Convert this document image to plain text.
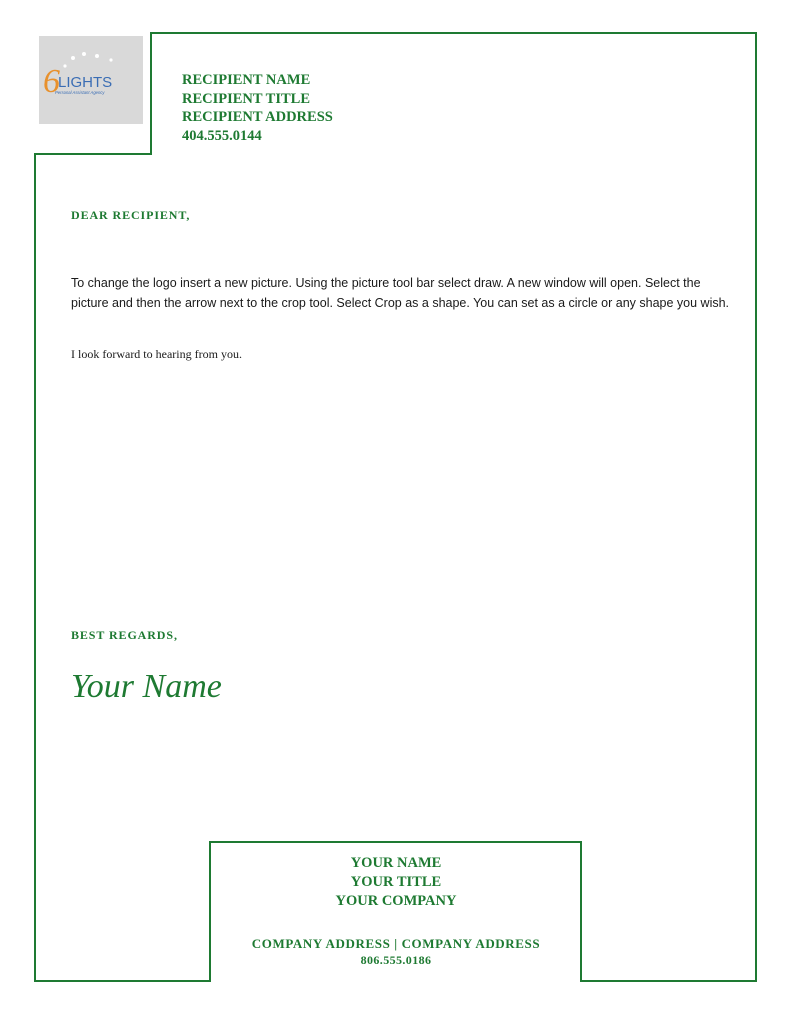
6
LIGHTS
Personal Assistant Agency
RECIPIENT NAME
RECIPIENT TITLE
RECIPIENT ADDRESS
404.555.0144
DEAR RECIPIENT,
To change the logo insert a new picture. Using the picture tool bar select draw. A new window will open. Select the picture and then the arrow next to the crop tool. Select Crop as a shape. You can set as a circle or any shape you wish.
I look forward to hearing from you.
BEST REGARDS,
Your Name
YOUR NAME
YOUR TITLE
YOUR COMPANY
COMPANY ADDRESS | COMPANY ADDRESS
806.555.0186
